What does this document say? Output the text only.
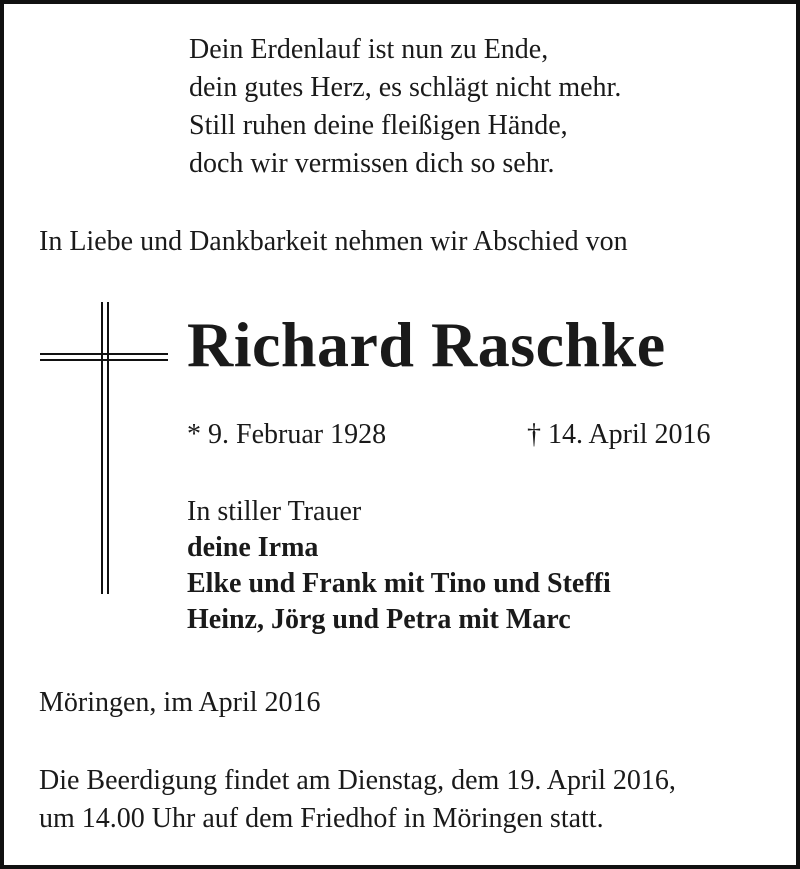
Dein Erdenlauf ist nun zu Ende,
dein gutes Herz, es schlägt nicht mehr.
Still ruhen deine fleißigen Hände,
doch wir vermissen dich so sehr.
In Liebe und Dankbarkeit nehmen wir Abschied von
Richard Raschke
* 9. Februar 1928	† 14. April 2016
In stiller Trauer
deine Irma
Elke und Frank mit Tino und Steffi
Heinz, Jörg und Petra mit Marc
Möringen, im April 2016
Die Beerdigung findet am Dienstag, dem 19. April 2016,
um 14.00 Uhr auf dem Friedhof in Möringen statt.
